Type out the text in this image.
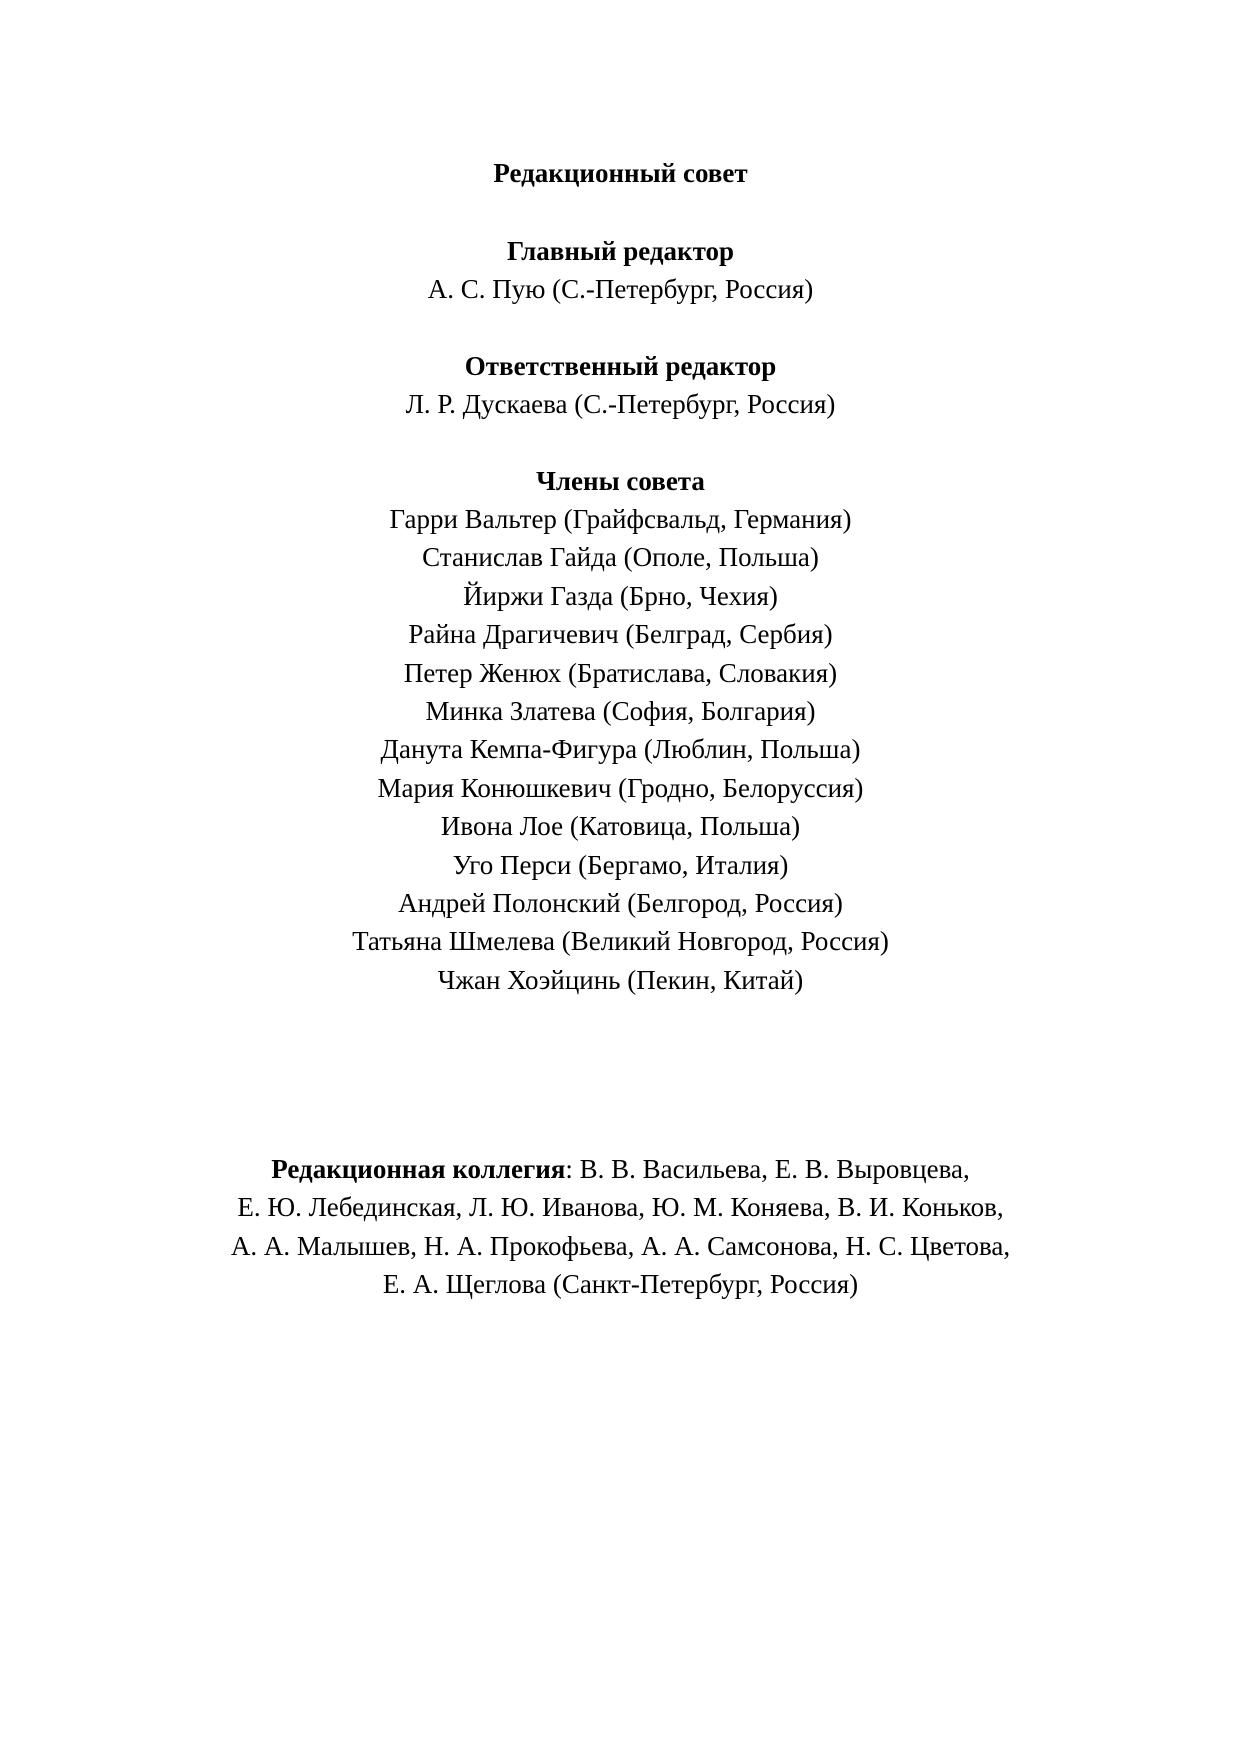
Редакционный совет
Главный редактор
А. С. Пую (С.-Петербург, Россия)
Ответственный редактор
Л. Р. Дускаева (С.-Петербург, Россия)
Члены совета
Гарри Вальтер (Грайфсвальд, Германия)
Станислав Гайда (Ополе, Польша)
Йиржи Газда (Брно, Чехия)
Райна Драгичевич (Белград, Сербия)
Петер Женюх (Братислава, Словакия)
Минка Златева (София, Болгария)
Данута Кемпа-Фигура (Люблин, Польша)
Мария Конюшкевич (Гродно, Белоруссия)
Ивона Лое (Катовица, Польша)
Уго Перси (Бергамо, Италия)
Андрей Полонский (Белгород, Россия)
Татьяна Шмелева (Великий Новгород, Россия)
Чжан Хоэйцинь (Пекин, Китай)
Редакционная коллегия: В. В. Васильева, Е. В. Выровцева,
Е. Ю. Лебединская, Л. Ю. Иванова, Ю. М. Коняева, В. И. Коньков,
А. А. Малышев, Н. А. Прокофьева, А. А. Самсонова, Н. С. Цветова,
Е. А. Щеглова (Санкт-Петербург, Россия)
